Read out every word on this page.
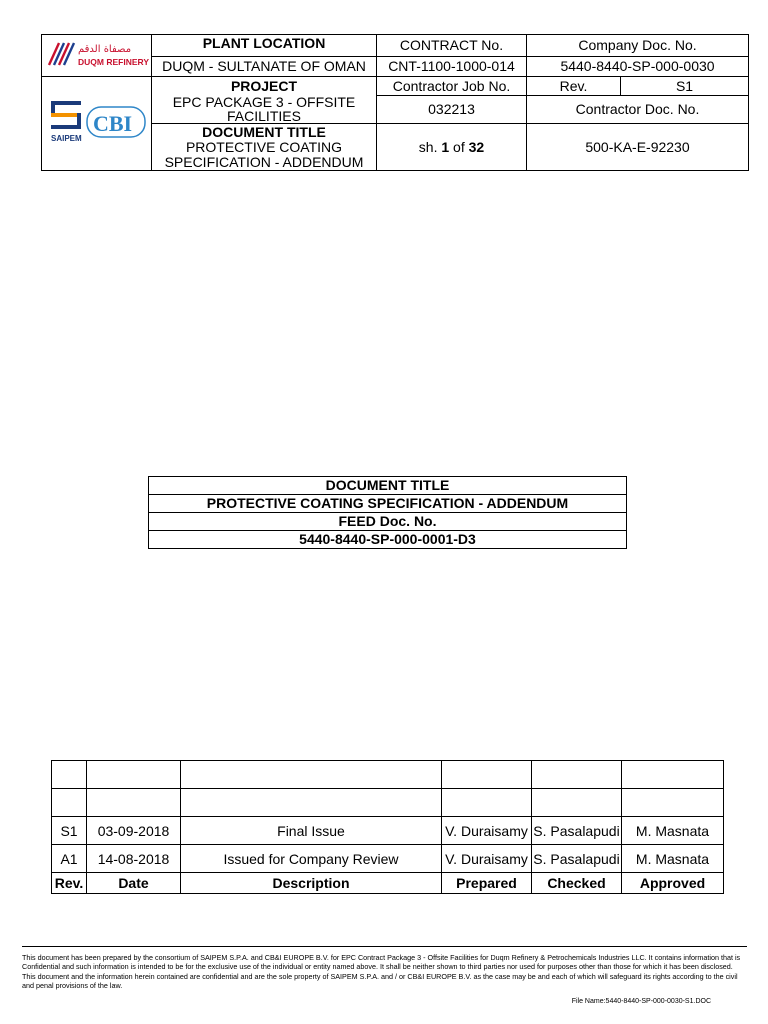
مصفاة الدقم
DUQM REFINERY	PLANT LOCATION	CONTRACT No.	Company Doc. No.	
	DUQM - SULTANATE OF OMAN	CNT-1100-1000-014	5440-8440-SP-000-0030	

SAIPEM
CBI	PROJECT	Contractor Job No.	Rev.	S1
	EPC PACKAGE 3 - OFFSITE FACILITIES	032213	Contractor Doc. No.	

	DOCUMENT TITLE
PROTECTIVE COATING SPECIFICATION - ADDENDUM	sh. 1 of 32	500-KA-E-92230	
DOCUMENT TITLE
PROTECTIVE COATING SPECIFICATION - ADDENDUM
FEED Doc. No.
5440-8440-SP-000-0001-D3

S1	03-09-2018	Final Issue	V. Duraisamy	S. Pasalapudi	M. Masnata
A1	14-08-2018	Issued for Company Review	V. Duraisamy	S. Pasalapudi	M. Masnata
Rev.	Date	Description	Prepared	Checked	Approved
This document has been prepared by the consortium of SAIPEM S.P.A. and CB&I EUROPE B.V. for EPC Contract Package 3 - Offsite Facilities for Duqm Refinery & Petrochemicals Industries LLC. It contains information that is Confidential and such information is intended to be for the exclusive use of the individual or entity named above. It shall be neither shown to third parties nor used for purposes other than those for which it has been disclosed. This document and the information herein contained are confidential and are the sole property of SAIPEM S.P.A. and / or CB&I EUROPE B.V. as the case may be and each of which will safeguard its rights according to the civil and penal provisions of the law.
File Name:5440-8440-SP-000-0030-S1.DOC
